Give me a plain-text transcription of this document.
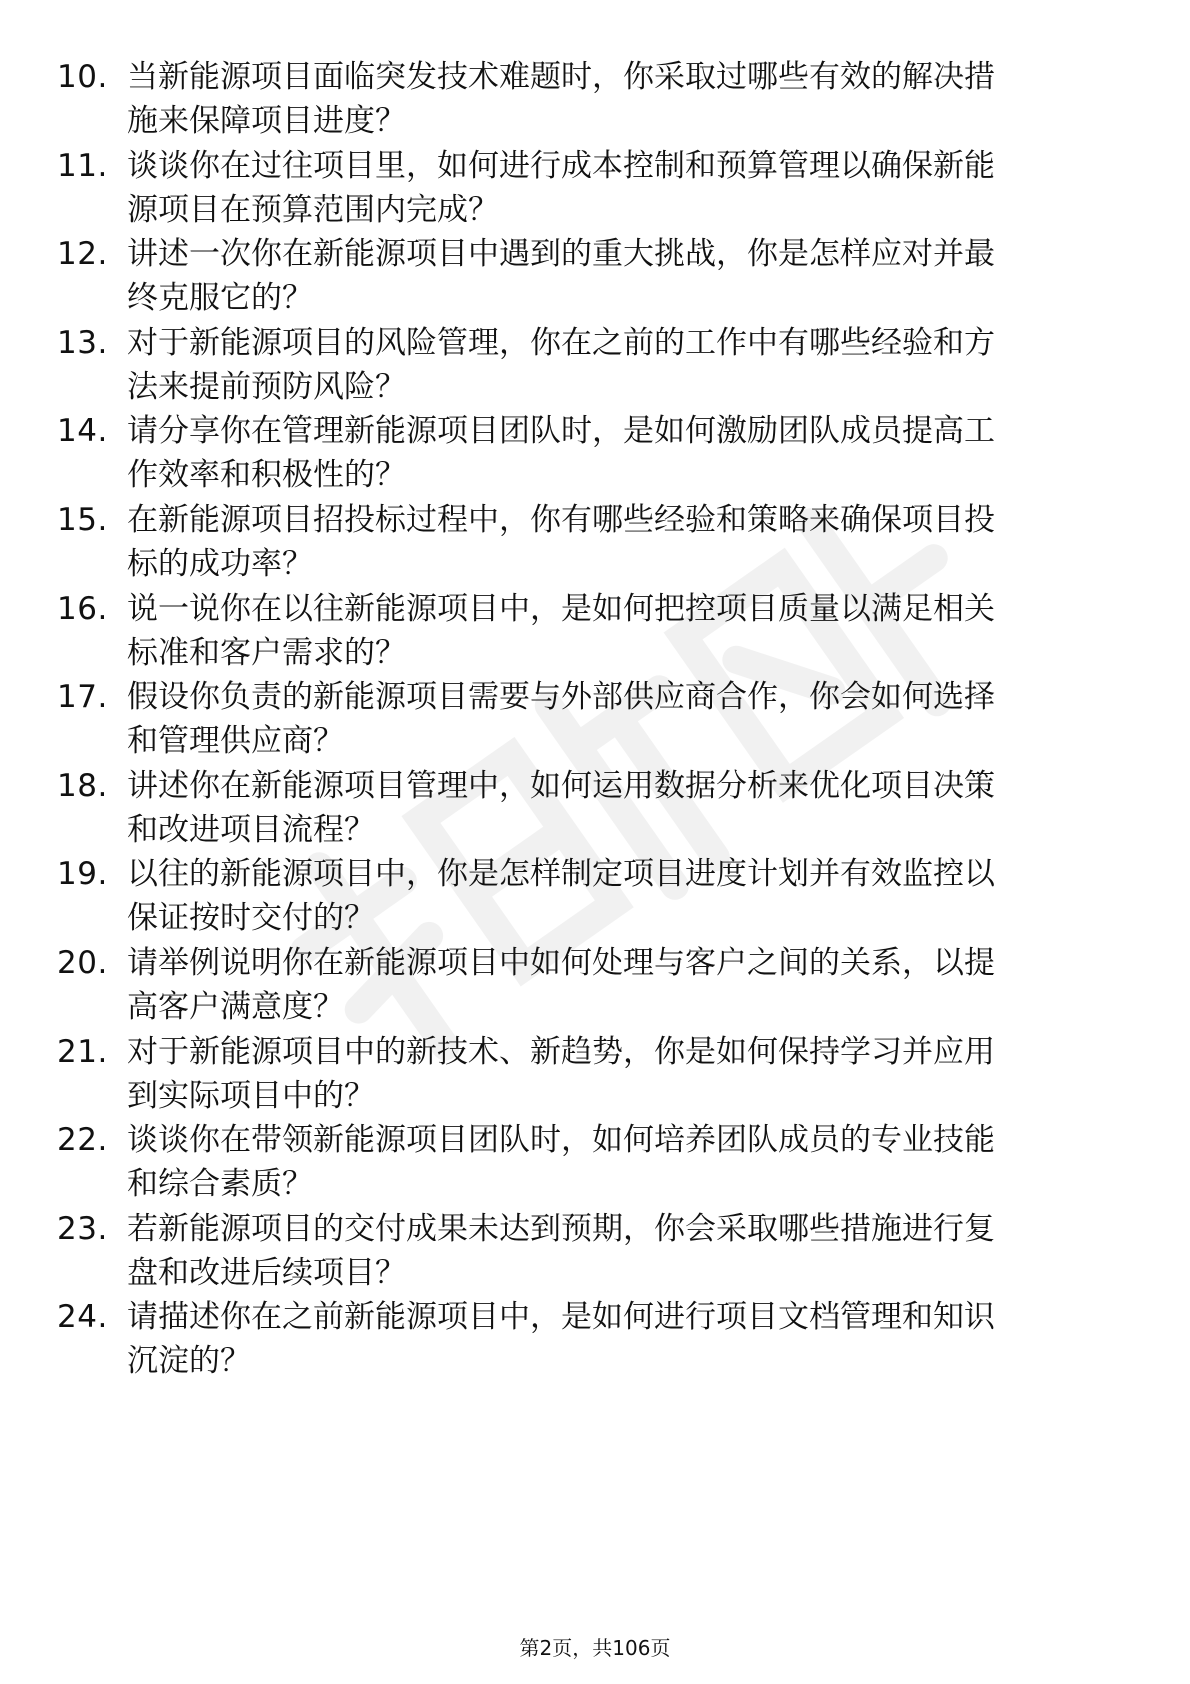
10. 当新能源项目面临突发技术难题时，你采取过哪些有效的解决措
施来保障项目进度？
11. 谈谈你在过往项目里，如何进行成本控制和预算管理以确保新能
源项目在预算范围内完成？
12. 讲述一次你在新能源项目中遇到的重大挑战，你是怎样应对并最
终克服它的？
13. 对于新能源项目的风险管理，你在之前的工作中有哪些经验和方
法来提前预防风险？
14. 请分享你在管理新能源项目团队时，是如何激励团队成员提高工
作效率和积极性的？
15. 在新能源项目招投标过程中，你有哪些经验和策略来确保项目投
标的成功率？
16. 说一说你在以往新能源项目中，是如何把控项目质量以满足相关
标准和客户需求的？
17. 假设你负责的新能源项目需要与外部供应商合作，你会如何选择
和管理供应商？
18. 讲述你在新能源项目管理中，如何运用数据分析来优化项目决策
和改进项目流程？
19. 以往的新能源项目中，你是怎样制定项目进度计划并有效监控以
保证按时交付的？
20. 请举例说明你在新能源项目中如何处理与客户之间的关系，以提
高客户满意度？
21. 对于新能源项目中的新技术、新趋势，你是如何保持学习并应用
到实际项目中的？
22. 谈谈你在带领新能源项目团队时，如何培养团队成员的专业技能
和综合素质？
23. 若新能源项目的交付成果未达到预期，你会采取哪些措施进行复
盘和改进后续项目？
24. 请描述你在之前新能源项目中，是如何进行项目文档管理和知识
沉淀的？
第2页，共106页
